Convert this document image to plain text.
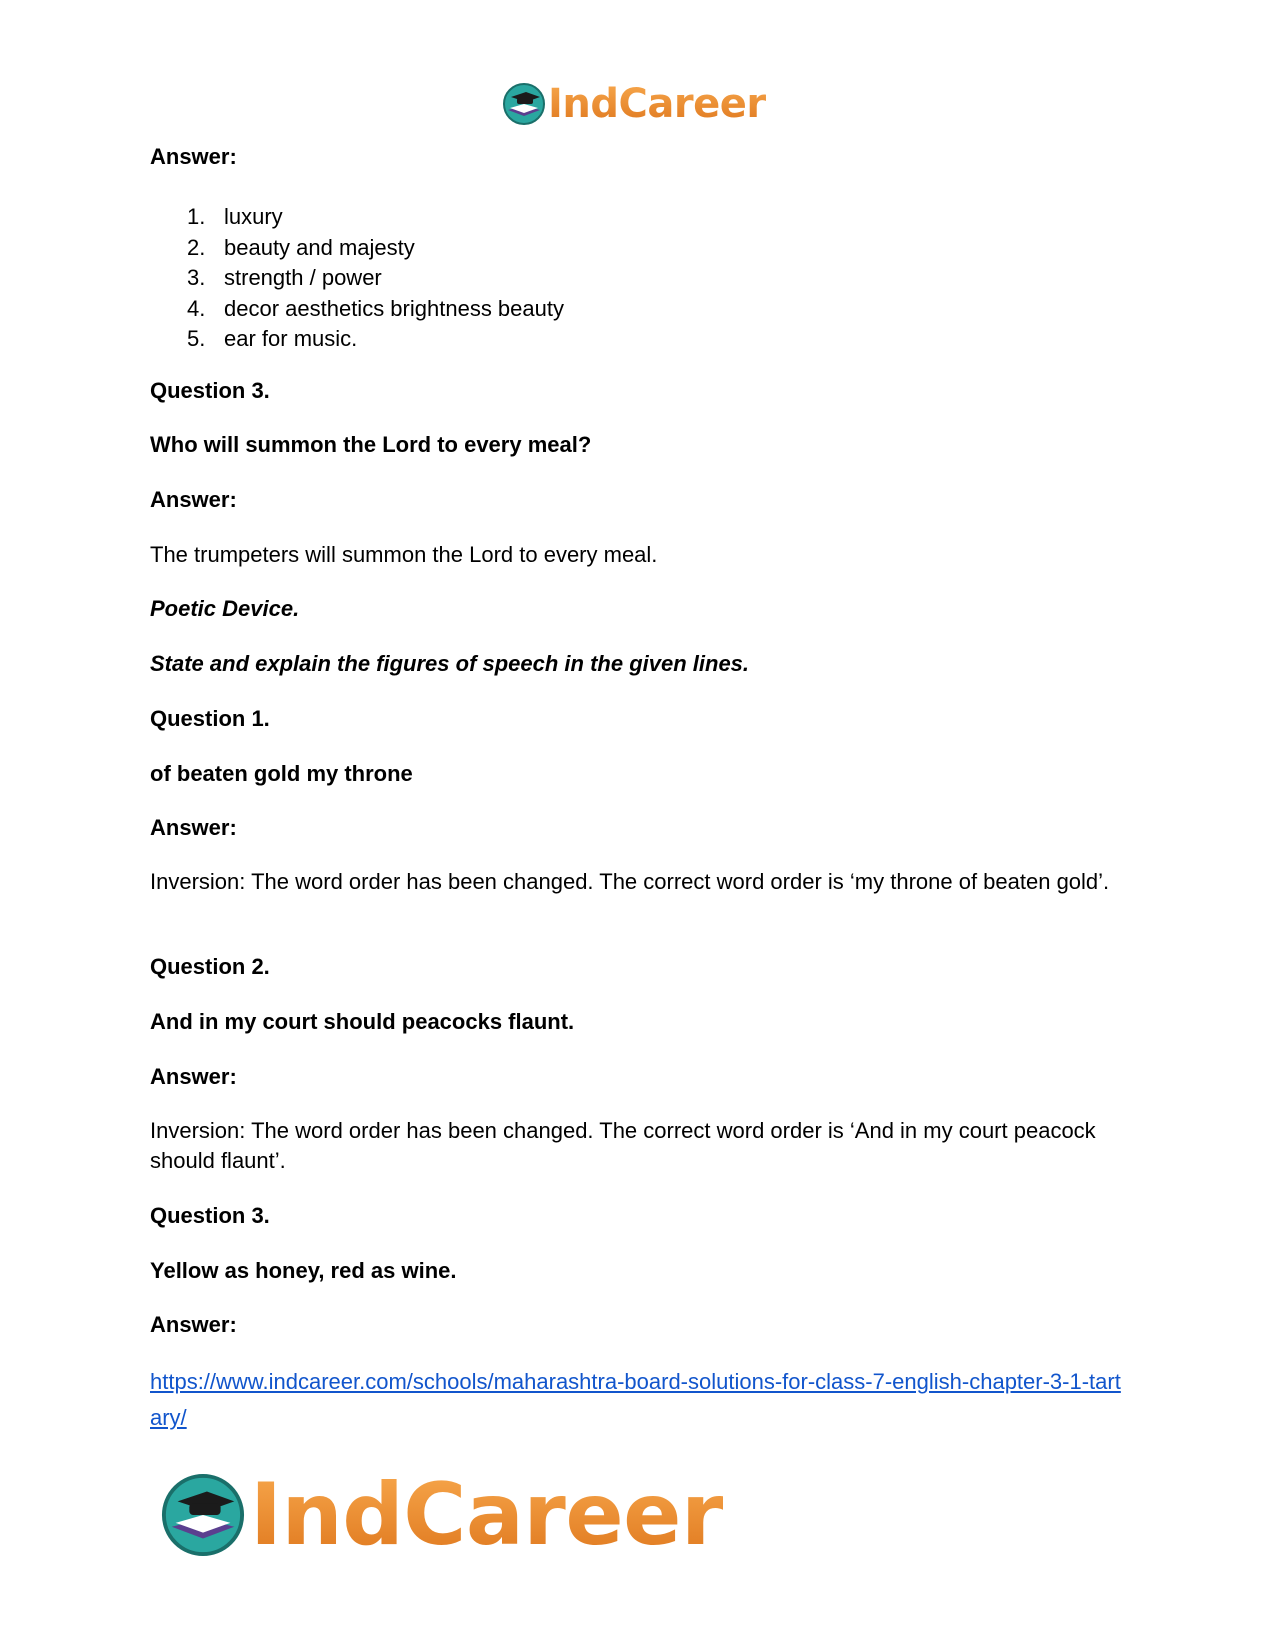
IndCareer
Answer:
1. luxury
2. beauty and majesty
3. strength / power
4. decor aesthetics brightness beauty
5. ear for music.
Question 3.
Who will summon the Lord to every meal?
Answer:
The trumpeters will summon the Lord to every meal.
Poetic Device.
State and explain the figures of speech in the given lines.
Question 1.
of beaten gold my throne
Answer:
Inversion: The word order has been changed. The correct word order is ‘my throne of beaten gold’.
Question 2.
And in my court should peacocks flaunt.
Answer:
Inversion: The word order has been changed. The correct word order is ‘And in my court peacock should flaunt’.
Question 3.
Yellow as honey, red as wine.
Answer:
https://www.indcareer.com/schools/maharashtra-board-solutions-for-class-7-english-chapter-3-1-tartary/
IndCareer
